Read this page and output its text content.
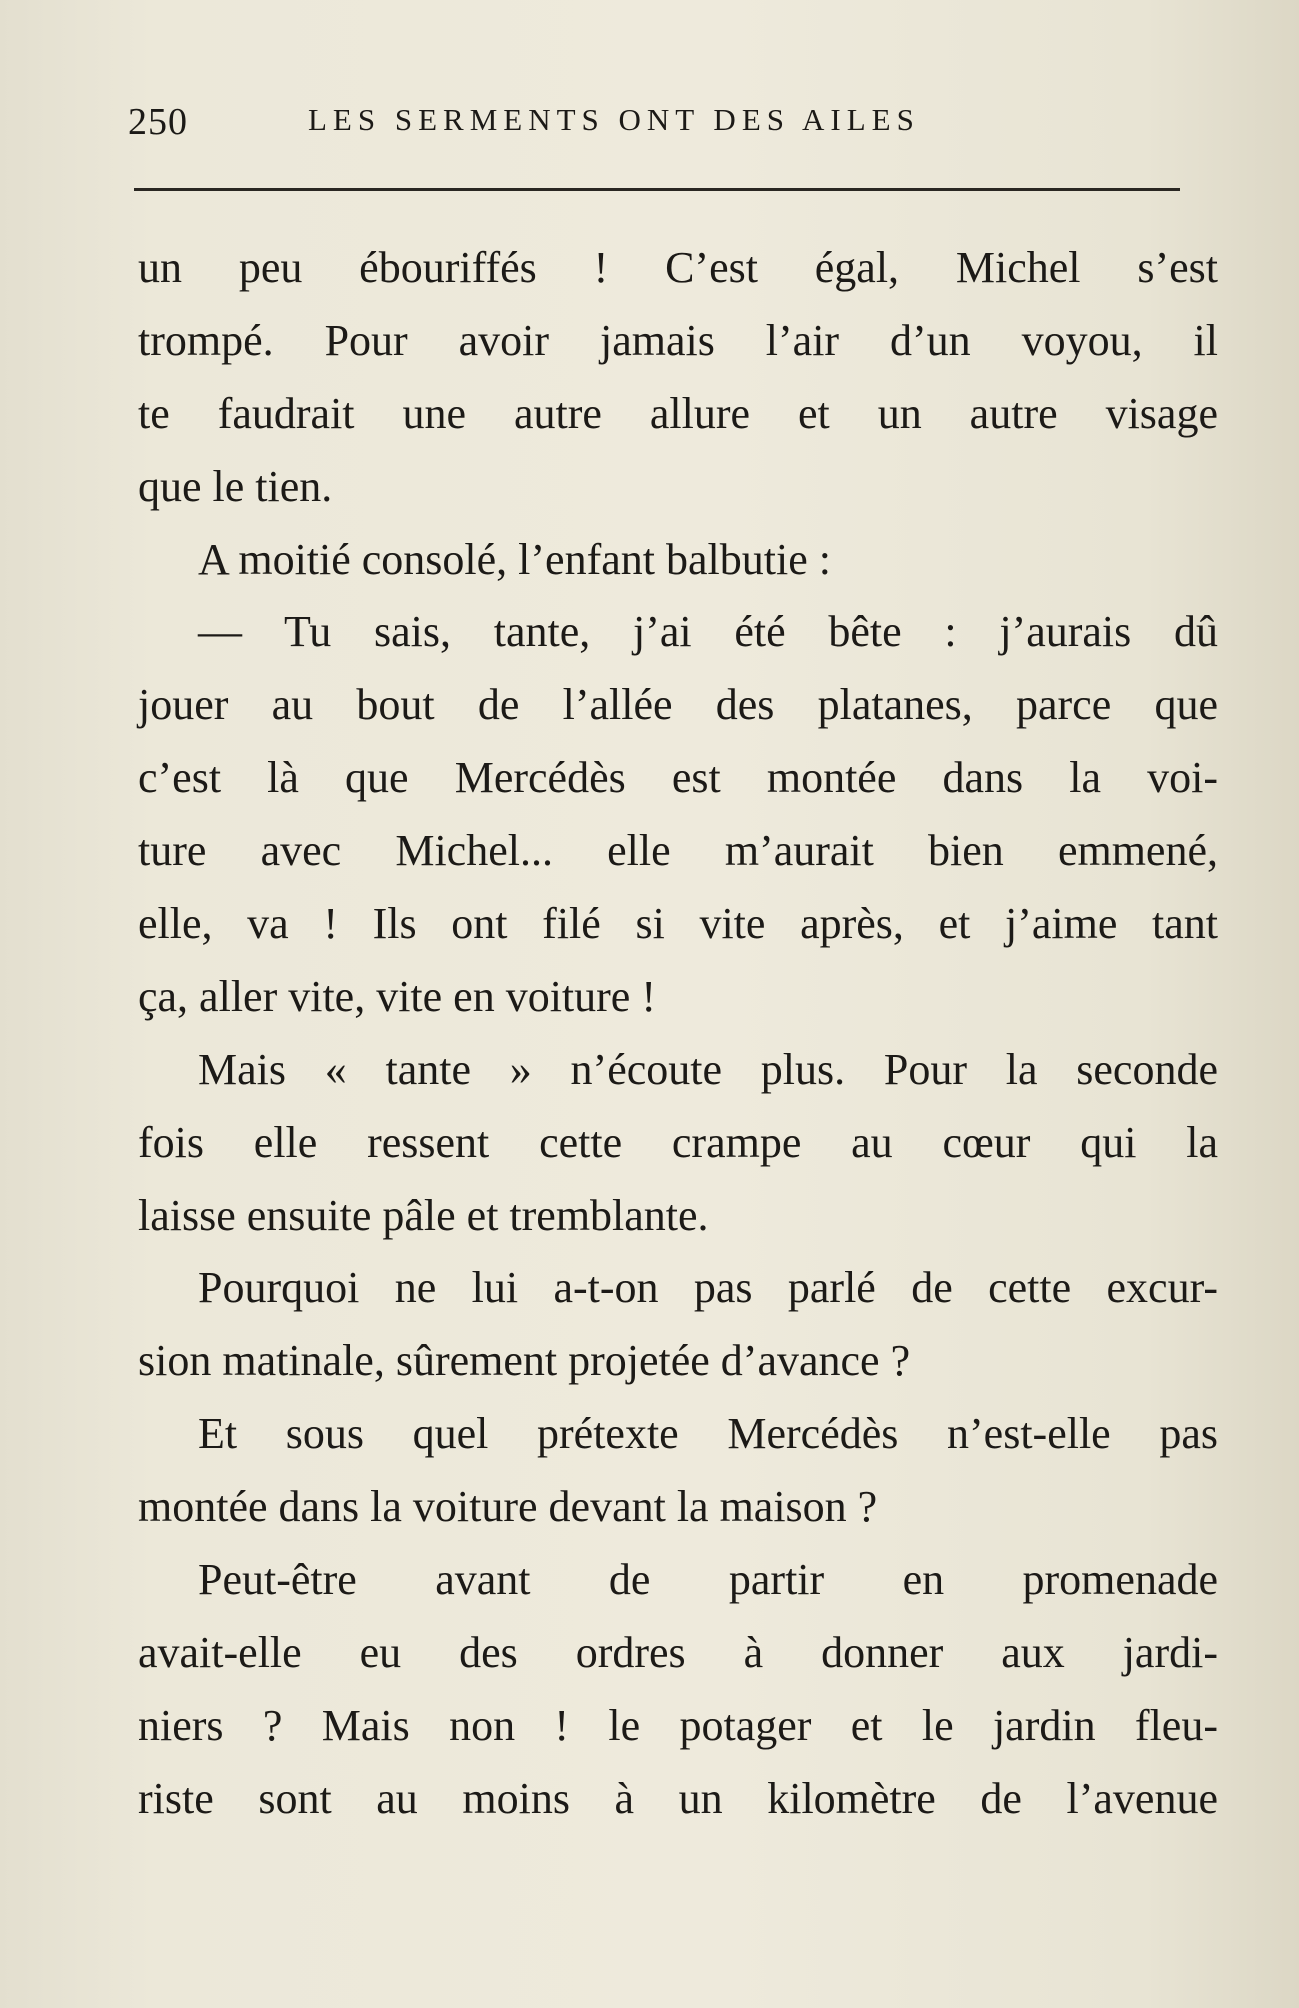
250	LES SERMENTS ONT DES AILES
un peu ébouriffés ! C’est égal, Michel s’est
trompé. Pour avoir jamais l’air d’un voyou, il
te faudrait une autre allure et un autre visage
que le tien.
A moitié consolé, l’enfant balbutie :
— Tu sais, tante, j’ai été bête : j’aurais dû
jouer au bout de l’allée des platanes, parce que
c’est là que Mercédès est montée dans la voi-
ture avec Michel... elle m’aurait bien emmené,
elle, va ! Ils ont filé si vite après, et j’aime tant
ça, aller vite, vite en voiture !
Mais « tante » n’écoute plus. Pour la seconde
fois elle ressent cette crampe au cœur qui la
laisse ensuite pâle et tremblante.
Pourquoi ne lui a-t-on pas parlé de cette excur-
sion matinale, sûrement projetée d’avance ?
Et sous quel prétexte Mercédès n’est-elle pas
montée dans la voiture devant la maison ?
Peut-être avant de partir en promenade
avait-elle eu des ordres à donner aux jardi-
niers ? Mais non ! le potager et le jardin fleu-
riste sont au moins à un kilomètre de l’avenue
